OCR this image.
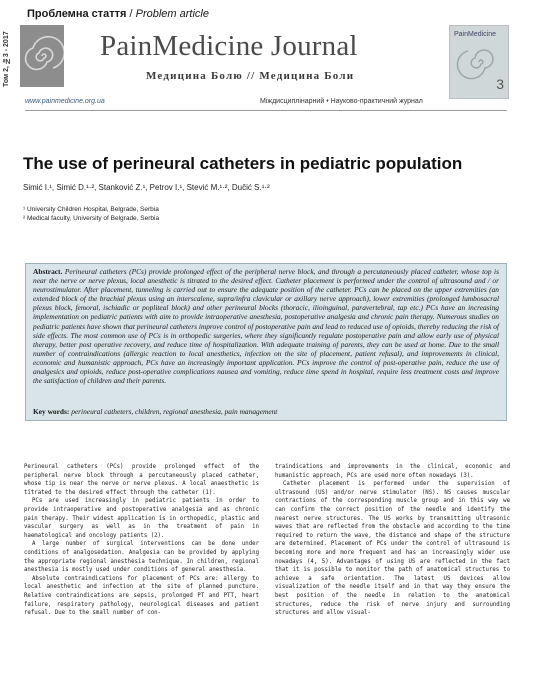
Проблемна стаття / Problem article
Том 2, №3 - 2017	PainMedicine Journal
Медицина Болю // Медицина Боли
PainMedicine
3
www.painmedicine.org.ua	Міждисциплінарний • Науково-практичний журнал
The use of perineural catheters in pediatric population
Simić I.¹, Simić D.¹·², Stanković Z.¹, Petrov I.¹, Stević M.¹·², Dučić S.¹·²
¹ University Children Hospital, Belgrade, Serbia
² Medical faculty, University of Belgrade, Serbia
Abstract. Perineural catheters (PCs) provide prolonged effect of the peripheral nerve block, and through a percutaneously placed catheter, whose top is near the nerve or nerve plexus, local anesthetic is titrated to the desired effect. Catheter placement is performed under the control of ultrasound and / or neurostimulator. After placement, tunneling is carried out to ensure the adequate position of the catheter. PCs can be placed on the upper extremities (an extended block of the brachial plexus using an interscalene, supra/infra clavicular or axillary nerve approach), lower extremities (prolonged lumbosacral plexus block, femoral, ischiadic or popliteal block) and other perineural blocks (thoracic, ilioinguinal, paravertebral, tap etc.) PCs have an increasing implementation on pediatric patients with aim to provide intraoperative anesthesia, postoperative analgesia and chronic pain therapy. Numerous studies on pediatric patients have shown that perineural catheters improve control of postoperative pain and lead to reduced use of opioids, thereby reducing the risk of side effects. The most common use of PCs is in orthopedic surgeries, where they significantly regulate postoperative pain and allow early use of physical therapy, better post operative recovery, and reduce time of hospitalization. With adequate training of parents, they can be used at home. Due to the small number of contraindications (allergic reaction to local anesthetics, infection on the site of placement, patient refusal), and improvements in clinical, economic and humanistic approach, PCs have an increasingly important application. PCs improve the control of post-operative pain, reduce the use of analgesics and opioids, reduce post-operative complications nausea and vomiting, reduce time spend in hospital, require less treatment costs and improve the satisfaction of children and their parents.
Key words: perineural catheters, children, regional anesthesia, pain management

Perineural catheters (PCs) provide prolonged effect of the peripheral nerve block through a percutaneously placed catheter, whose tip is near the nerve or nerve plexus. A local anaesthetic is titrated to the desired effect through the catheter (1).

PCs are used increasingly in pediatric patients in order to provide intraoperative and postoperative analgesia and as chronic pain therapy. Their widest application is in orthopedic, plastic and vascular surgery as well as in the treatment of pain in haematological and oncology patients (2).

A large number of surgical interventions can be done under conditions of analgosedation. Analgesia can be provided by applying the appropriate regional anesthesia technique. In children, regional anesthesia is mostly used under conditions of general anesthesia.

Absolute contraindications for placement of PCs are: allergy to local anesthetic and infection at the site of planned puncture. Relative contraindications are sepsis, prolonged PT and PTT, heart failure, respiratory pathology, neurological diseases and patient refusal. Due to the small number of con-

traindications and improvements in the clinical, economic and humanistic approach, PCs are used more often nowadays (3).

Catheter placement is performed under the supervision of ultrasound (US) and/or nerve stimulator (NS). NS causes muscular contractions of the corresponding muscle group and in this way we can confirm the correct position of the needle and identify the nearest nerve structures. The US works by transmitting ultrasonic waves that are reflected from the obstacle and according to the time required to return the wave, the distance and shape of the structure are determined. Placement of PCs under the control of ultrasound is becoming more and more frequent and has an increasingly wider use nowadays (4, 5). Advantages of using US are reflected in the fact that it is possible to monitor the path of anatomical structures to achieve a safe orientation. The latest US devices allow visualization of the needle itself and in that way they ensure the best position of the needle in relation to the anatomical structures, reduce the risk of nerve injury and surrounding structures and allow visual-
